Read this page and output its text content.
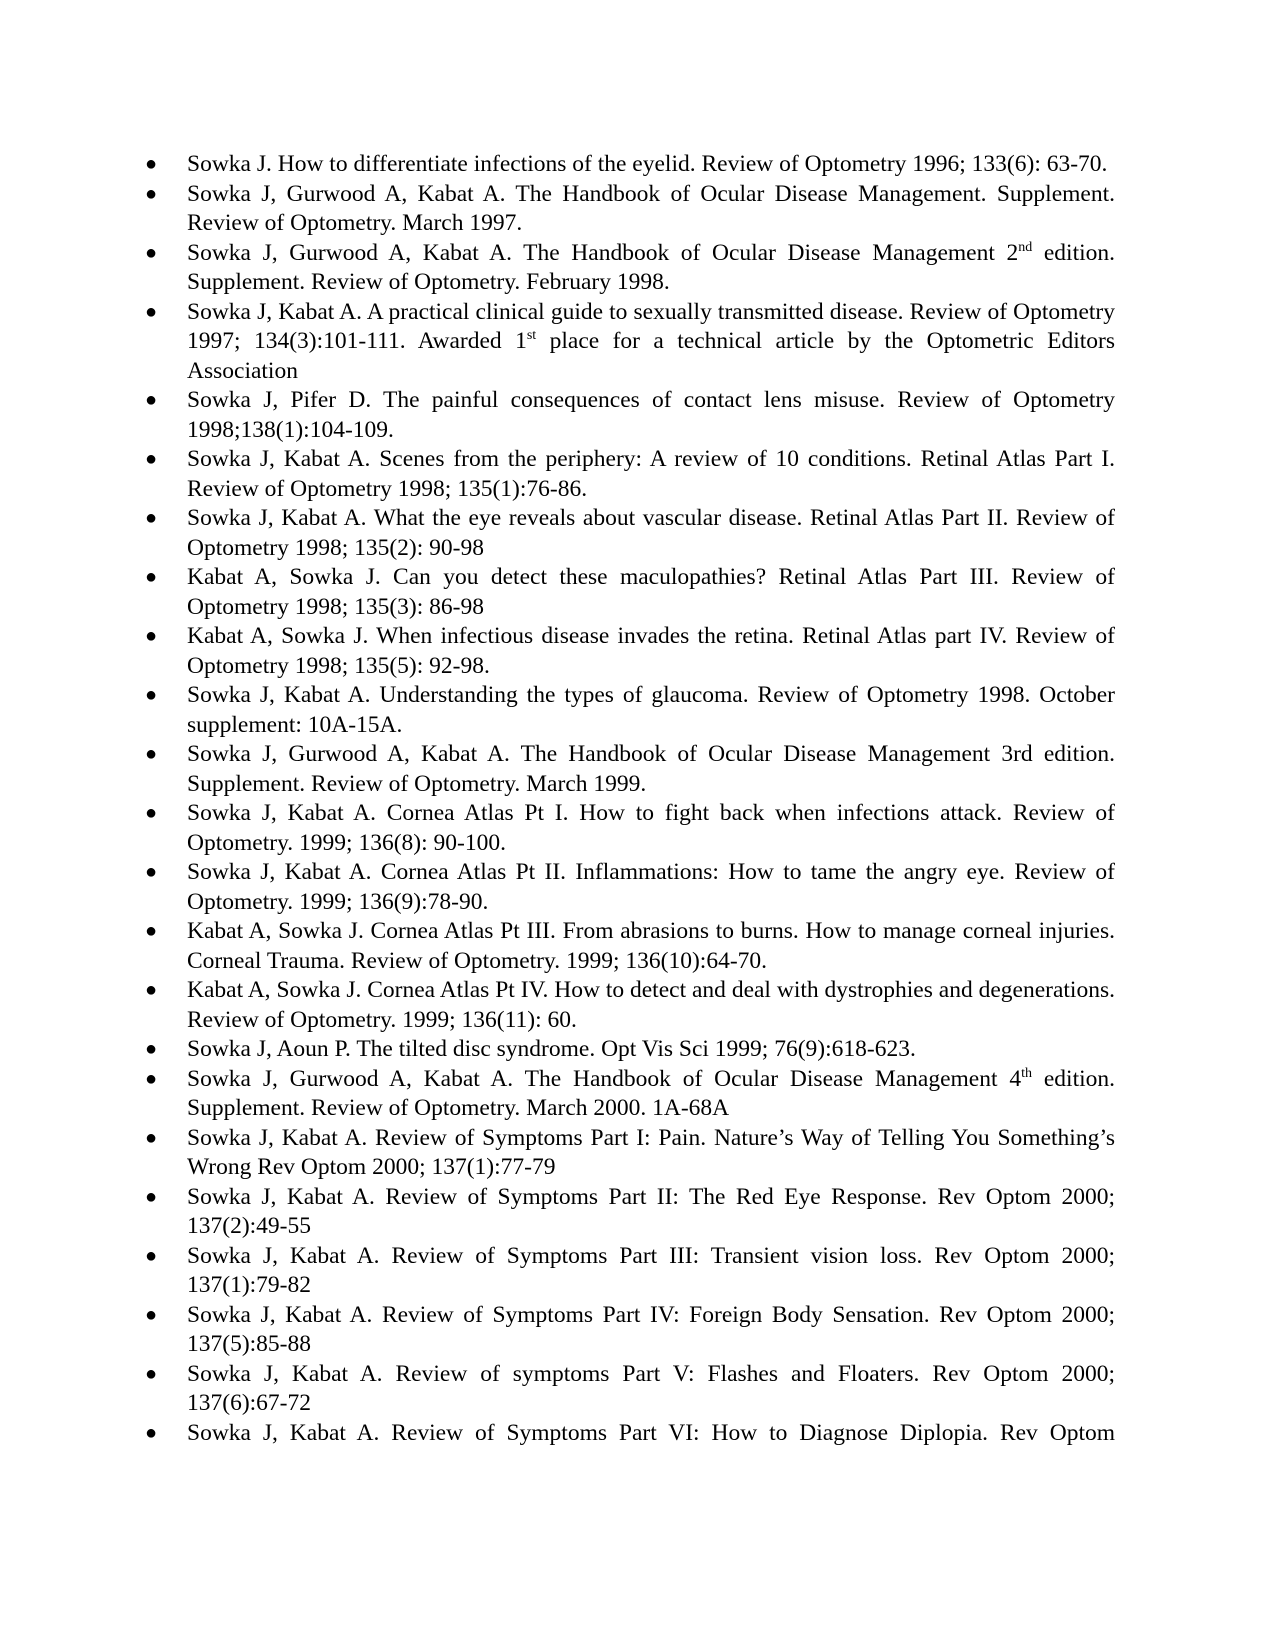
●	Sowka J. How to differentiate infections of the eyelid. Review of Optometry 1996; 133(6): 63-70.
●	Sowka J, Gurwood A, Kabat A. The Handbook of Ocular Disease Management. Supplement. Review of Optometry. March 1997.
●	Sowka J, Gurwood A, Kabat A. The Handbook of Ocular Disease Management 2nd edition. Supplement. Review of Optometry. February 1998.
●	Sowka J, Kabat A. A practical clinical guide to sexually transmitted disease. Review of Optometry 1997; 134(3):101-111. Awarded 1st place for a technical article by the Optometric Editors Association
●	Sowka J, Pifer D. The painful consequences of contact lens misuse. Review of Optometry 1998;138(1):104-109.
●	Sowka J, Kabat A. Scenes from the periphery: A review of 10 conditions. Retinal Atlas Part I. Review of Optometry 1998; 135(1):76-86.
●	Sowka J, Kabat A. What the eye reveals about vascular disease. Retinal Atlas Part II. Review of Optometry 1998; 135(2): 90-98
●	Kabat A, Sowka J. Can you detect these maculopathies? Retinal Atlas Part III. Review of Optometry 1998; 135(3): 86-98
●	Kabat A, Sowka J. When infectious disease invades the retina. Retinal Atlas part IV. Review of Optometry 1998; 135(5): 92-98.
●	Sowka J, Kabat A. Understanding the types of glaucoma. Review of Optometry 1998. October supplement: 10A-15A.
●	Sowka J, Gurwood A, Kabat A. The Handbook of Ocular Disease Management 3rd edition. Supplement. Review of Optometry. March 1999.
●	Sowka J, Kabat A. Cornea Atlas Pt I. How to fight back when infections attack. Review of Optometry. 1999; 136(8): 90-100.
●	Sowka J, Kabat A. Cornea Atlas Pt II. Inflammations: How to tame the angry eye. Review of Optometry. 1999; 136(9):78-90.
●	Kabat A, Sowka J. Cornea Atlas Pt III. From abrasions to burns. How to manage corneal injuries. Corneal Trauma. Review of Optometry. 1999; 136(10):64-70.
●	Kabat A, Sowka J. Cornea Atlas Pt IV. How to detect and deal with dystrophies and degenerations. Review of Optometry. 1999; 136(11): 60.
●	Sowka J, Aoun P. The tilted disc syndrome. Opt Vis Sci 1999; 76(9):618-623.
●	Sowka J, Gurwood A, Kabat A. The Handbook of Ocular Disease Management 4th edition. Supplement. Review of Optometry. March 2000. 1A-68A
●	Sowka J, Kabat A. Review of Symptoms Part I: Pain. Nature’s Way of Telling You Something’s Wrong Rev Optom 2000; 137(1):77-79
●	Sowka J, Kabat A. Review of Symptoms Part II: The Red Eye Response. Rev Optom 2000; 137(2):49-55
●	Sowka J, Kabat A. Review of Symptoms Part III: Transient vision loss. Rev Optom 2000; 137(1):79-82
●	Sowka J, Kabat A. Review of Symptoms Part IV: Foreign Body Sensation. Rev Optom 2000; 137(5):85-88
●	Sowka J, Kabat A. Review of symptoms Part V: Flashes and Floaters. Rev Optom 2000; 137(6):67-72
●	Sowka J, Kabat A. Review of Symptoms Part VI: How to Diagnose Diplopia. Rev Optom
